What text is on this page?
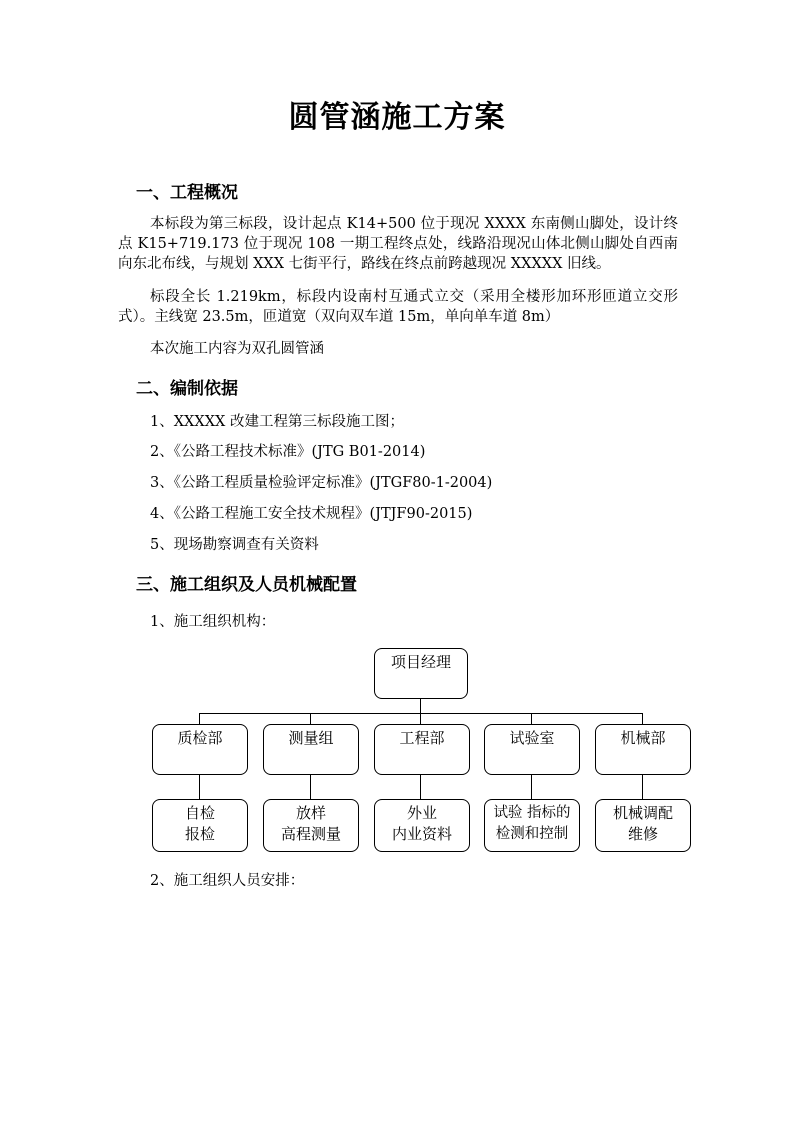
圆管涵施工方案
一、工程概况
本标段为第三标段，设计起点 K14+500 位于现况 XXXX 东南侧山脚处，设计终点 K15+719.173 位于现况 108 一期工程终点处，线路沿现况山体北侧山脚处自西南向东北布线，与规划 XXX 七街平行，路线在终点前跨越现况 XXXXX 旧线。
标段全长 1.219km，标段内设南村互通式立交（采用全楼形加环形匝道立交形式）。主线宽 23.5m，匝道宽（双向双车道 15m，单向单车道 8m）
本次施工内容为双孔圆管涵
二、编制依据
1、XXXXX 改建工程第三标段施工图；
2、《公路工程技术标准》(JTG B01-2014)
3、《公路工程质量检验评定标准》(JTGF80-1-2004)
4、《公路工程施工安全技术规程》(JTJF90-2015)
5、现场勘察调查有关资料
三、施工组织及人员机械配置
1、施工组织机构：
项目经理
质检部	测量组	工程部	试验室	机械部
自检
报检
放样
高程测量
外业
内业资料
试验 指标的
检测和控制
机械调配
维修
2、施工组织人员安排：
